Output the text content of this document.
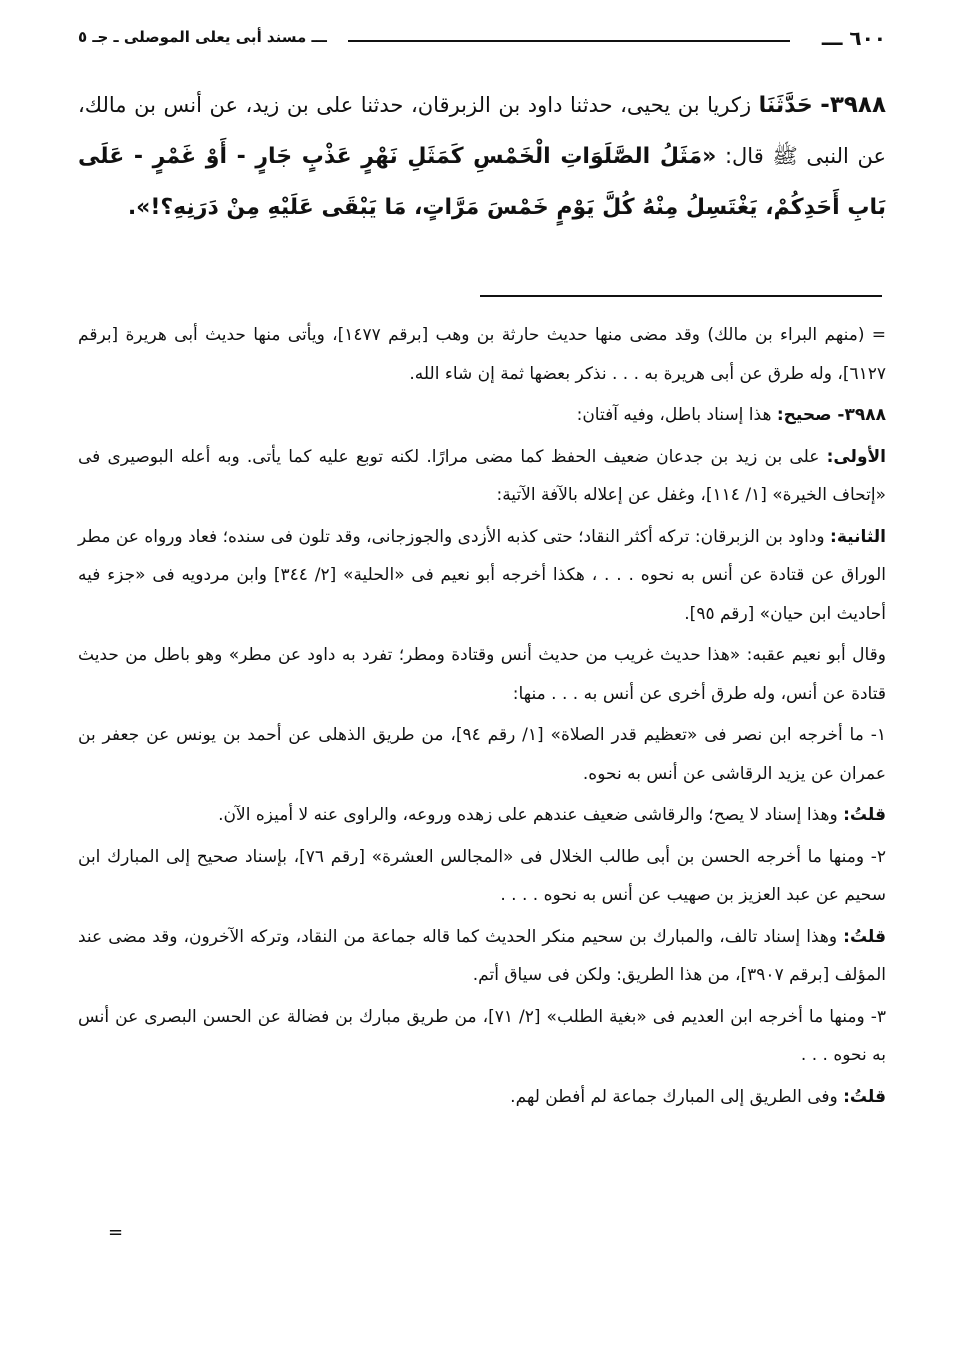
٦٠٠ ـــ
ـــ مسند أبى يعلى الموصلى ـ جـ ٥
٣٩٨٨- حَدَّثَنَا زكريا بن يحيى، حدثنا داود بن الزبرقان، حدثنا على بن زيد، عن أنس بن مالك، عن النبى ﷺ قال: «مَثَلُ الصَّلَوَاتِ الْخَمْسِ كَمَثَلِ نَهْرٍ عَذْبٍ جَارٍ - أَوْ غَمْرٍ - عَلَى بَابِ أَحَدِكُمْ، يَغْتَسِلُ مِنْهُ كُلَّ يَوْمٍ خَمْسَ مَرَّاتٍ، مَا يَبْقَى عَلَيْهِ مِنْ دَرَنِهِ؟!».

= (منهم البراء بن مالك) وقد مضى منها حديث حارثة بن وهب [برقم ١٤٧٧]، ويأتى منها حديث أبى هريرة [برقم ٦١٢٧]، وله طرق عن أبى هريرة به . . . نذكر بعضها ثمة إن شاء الله.

٣٩٨٨- صحيح: هذا إسناد باطل، وفيه آفتان:

الأولى: على بن زيد بن جدعان ضعيف الحفظ كما مضى مرارًا. لكنه توبع عليه كما يأتى. وبه أعله البوصيرى فى «إتحاف الخيرة» [١/ ١١٤]، وغفل عن إعلاله بالآفة الآتية:

الثانية: وداود بن الزبرقان: تركه أكثر النقاد؛ حتى كذبه الأزدى والجوزجانى، وقد تلون فى سنده؛ فعاد ورواه عن مطر الوراق عن قتادة عن أنس به نحوه . . . ، هكذا أخرجه أبو نعيم فى «الحلية» [٢/ ٣٤٤] وابن مردويه فى «جزء فيه أحاديث ابن حيان» [رقم ٩٥].

وقال أبو نعيم عقبه: «هذا حديث غريب من حديث أنس وقتادة ومطر؛ تفرد به داود عن مطر» وهو باطل من حديث قتادة عن أنس، وله طرق أخرى عن أنس به . . . منها:

١- ما أخرجه ابن نصر فى «تعظيم قدر الصلاة» [١/ رقم ٩٤]، من طريق الذهلى عن أحمد بن يونس عن جعفر بن عمران عن يزيد الرقاشى عن أنس به نحوه.

قلتُ: وهذا إسناد لا يصح؛ والرقاشى ضعيف عندهم على زهده وروعه، والراوى عنه لا أميزه الآن.

٢- ومنها ما أخرجه الحسن بن أبى طالب الخلال فى «المجالس العشرة» [رقم ٧٦]، بإسناد صحيح إلى المبارك ابن سحيم عن عبد العزيز بن صهيب عن أنس به نحوه . . . .

قلتُ: وهذا إسناد تالف، والمبارك بن سحيم منكر الحديث كما قاله جماعة من النقاد، وتركه الآخرون، وقد مضى عند المؤلف [برقم ٣٩٠٧]، من هذا الطريق: ولكن فى سياق أتم.

٣- ومنها ما أخرجه ابن العديم فى «بغية الطلب» [٢/ ٧١]، من طريق مبارك بن فضالة عن الحسن البصرى عن أنس به نحوه . . .

قلتُ: وفى الطريق إلى المبارك جماعة لم أفطن لهم.

=
